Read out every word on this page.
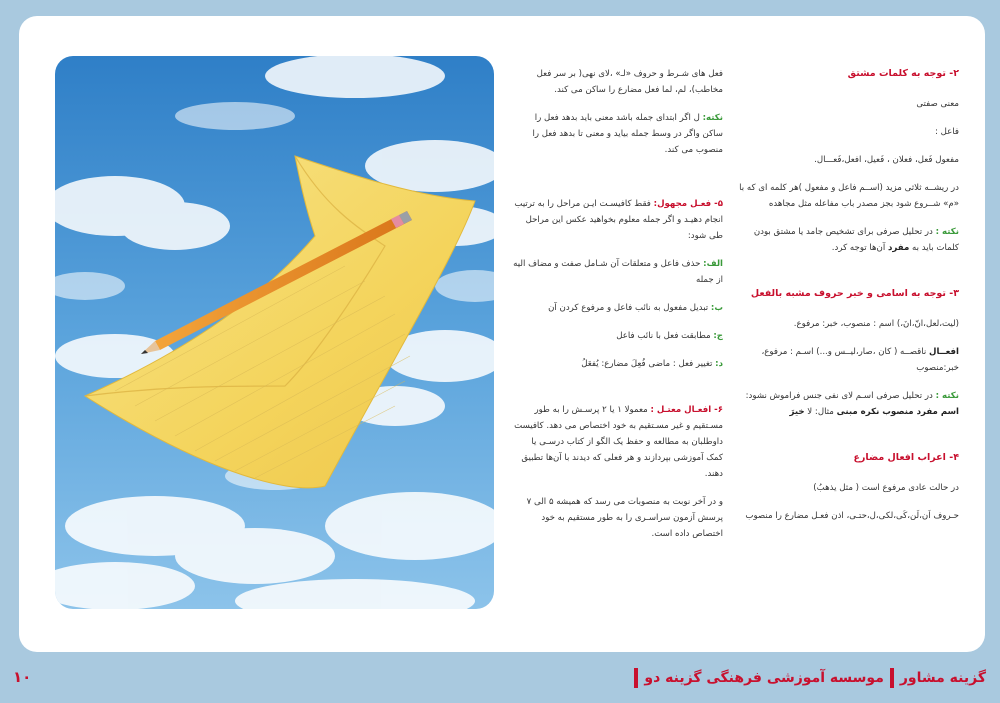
فعل های شـرط و حروف «لـ» ،لای نهی( بر سر فعل مخاطب)، لم، لما فعل مضارع را ساکن می کند.

نکته: ل اگر ابتدای جمله باشد معنی باید بدهد فعل را ساکن واگر در وسط جمله بیاید و معنی تا بدهد فعل را منصوب می کند.

۵- فعـل مجهول: فقط کافیسـت ایـن مراحل را به ترتیب انجام دهیـد و اگر جمله معلوم بخواهید عکس این مراحل طی شود:

الف: حذف فاعل و متعلقات آن شـامل صفت و مضاف الیه از جمله

ب: تبدیل مفعول به نائب فاعل و مرفوع کردن آن

ج: مطابقت فعل با نائب فاعل

د: تغییر فعل : ماضی فُعِلَ مضارع: یُفعَلُ

۶- افعـال معتـل : معمولا ۱ یا ۲ پرسـش را به طور مسـتقیم و غیر مسـتقیم به خود اختصاص می دهد. کافیست داوطلبان به مطالعه و حفظ یک الگو از کتاب درسـی یا کمک آموزشی بپردازند و هر فعلی که دیدند با آن‌ها تطبیق دهند.

و در آخر نوبت به منصوبات می رسد که همیشه ۵ الی ۷ پرسش آزمون سراسـری را به طور مستقیم به خود اختصاص داده است.

۲- توجه به کلمات مشتق

معنی صفتی

فاعل :

مفعول فَعل، فعلان ، فَعیل، افعل،فَعـــال.

در ریشــه ثلاثی مزید (اســم فاعل و مفعول )هر کلمه ای که با «م» شــروع شود بجز مصدر باب مفاعله مثل مجاهده

نکته : در تحلیل صرفی برای تشخیص جامد یا مشتق بودن کلمات باید به مفرد آن‌ها توجه کرد.

۳- توجه به اسامی و خبر حروف مشبه بالفعل

(لیت،لعل،انّ،انَ،) اسم : منصوب، خبر: مرفوع.

افعــال ناقصــه ( کان ،صار،لیــس و...) اسـم : مرفوع، خبر:منصوب

نکته : در تحلیل صرفی اسـم لای نفی جنس فراموش نشود: اسم مفرد منصوب نکره مبنی مثال: لا خیرَ

۴- اعراب افعال مضارع

در حالت عادی مرفوع است ( مثل یذهبُ)

حـروف اَن،لَن،کَی،لکی،ل،حتـی، اذن فعـل مضارع را منصوب

۱۰	گزینه مشاور
موسسه آموزشی فرهنگی گزینه دو
